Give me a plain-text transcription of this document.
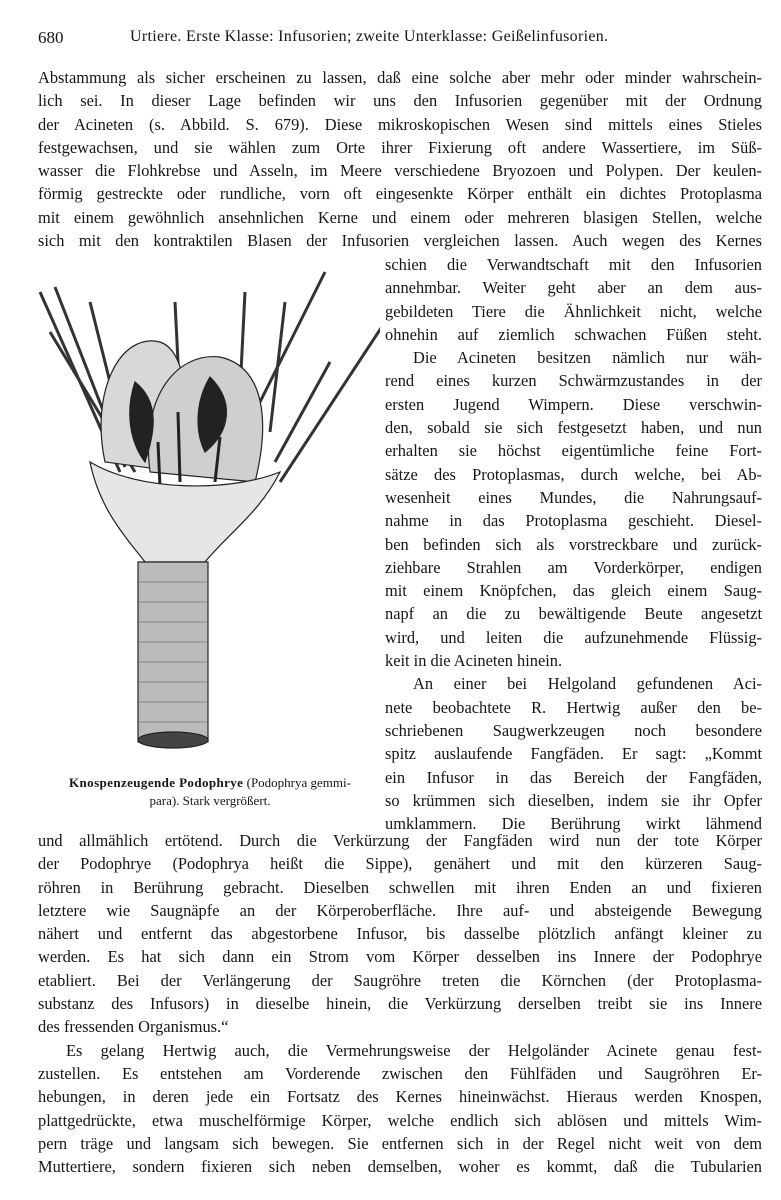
680	Urtiere. Erste Klasse: Infusorien; zweite Unterklasse: Geißelinfusorien.
Abstammung als sicher erscheinen zu lassen, daß eine solche aber mehr oder minder wahrschein-
lich sei. In dieser Lage befinden wir uns den Infusorien gegenüber mit der Ordnung
der Acineten (s. Abbild. S. 679). Diese mikroskopischen Wesen sind mittels eines Stieles
festgewachsen, und sie wählen zum Orte ihrer Fixierung oft andere Wassertiere, im Süß-
wasser die Flohkrebse und Asseln, im Meere verschiedene Bryozoen und Polypen. Der keulen-
förmig gestreckte oder rundliche, vorn oft eingesenkte Körper enthält ein dichtes Protoplasma
mit einem gewöhnlich ansehnlichen Kerne und einem oder mehreren blasigen Stellen, welche
sich mit den kontraktilen Blasen der Infusorien vergleichen lassen. Auch wegen des Kernes
schien die Verwandtschaft mit den Infusorien
annehmbar. Weiter geht aber an dem aus-
gebildeten Tiere die Ähnlichkeit nicht, welche
ohnehin auf ziemlich schwachen Füßen steht.
Die Acineten besitzen nämlich nur wäh-
rend eines kurzen Schwärmzustandes in der
ersten Jugend Wimpern. Diese verschwin-
den, sobald sie sich festgesetzt haben, und nun
erhalten sie höchst eigentümliche feine Fort-
sätze des Protoplasmas, durch welche, bei Ab-
wesenheit eines Mundes, die Nahrungsauf-
nahme in das Protoplasma geschieht. Diesel-
ben befinden sich als vorstreckbare und zurück-
ziehbare Strahlen am Vorderkörper, endigen
mit einem Knöpfchen, das gleich einem Saug-
napf an die zu bewältigende Beute angesetzt
wird, und leiten die aufzunehmende Flüssig-
keit in die Acineten hinein.
An einer bei Helgoland gefundenen Aci-
nete beobachtete R. Hertwig außer den be-
schriebenen Saugwerkzeugen noch besondere
spitz auslaufende Fangfäden. Er sagt: „Kommt
ein Infusor in das Bereich der Fangfäden,
so krümmen sich dieselben, indem sie ihr Opfer
umklammern. Die Berührung wirkt lähmend
und allmählich ertötend. Durch die Verkürzung der Fangfäden wird nun der tote Körper
der Podophrye (Podophrya heißt die Sippe), genähert und mit den kürzeren Saug-
röhren in Berührung gebracht. Dieselben schwellen mit ihren Enden an und fixieren
letztere wie Saugnäpfe an der Körperoberfläche. Ihre auf- und absteigende Bewegung
nähert und entfernt das abgestorbene Infusor, bis dasselbe plötzlich anfängt kleiner zu
werden. Es hat sich dann ein Strom vom Körper desselben ins Innere der Podophrye
etabliert. Bei der Verlängerung der Saugröhre treten die Körnchen (der Protoplasma-
substanz des Infusors) in dieselbe hinein, die Verkürzung derselben treibt sie ins Innere
des fressenden Organismus.“
Es gelang Hertwig auch, die Vermehrungsweise der Helgoländer Acinete genau fest-
zustellen. Es entstehen am Vorderende zwischen den Fühlfäden und Saugröhren Er-
hebungen, in deren jede ein Fortsatz des Kernes hineinwächst. Hieraus werden Knospen,
plattgedrückte, etwa muschelförmige Körper, welche endlich sich ablösen und mittels Wim-
pern träge und langsam sich bewegen. Sie entfernen sich in der Regel nicht weit von dem
Muttertiere, sondern fixieren sich neben demselben, woher es kommt, daß die Tubularien
Knospenzeugende Podophrye (Podophrya gemmi-
para). Stark vergrößert.
